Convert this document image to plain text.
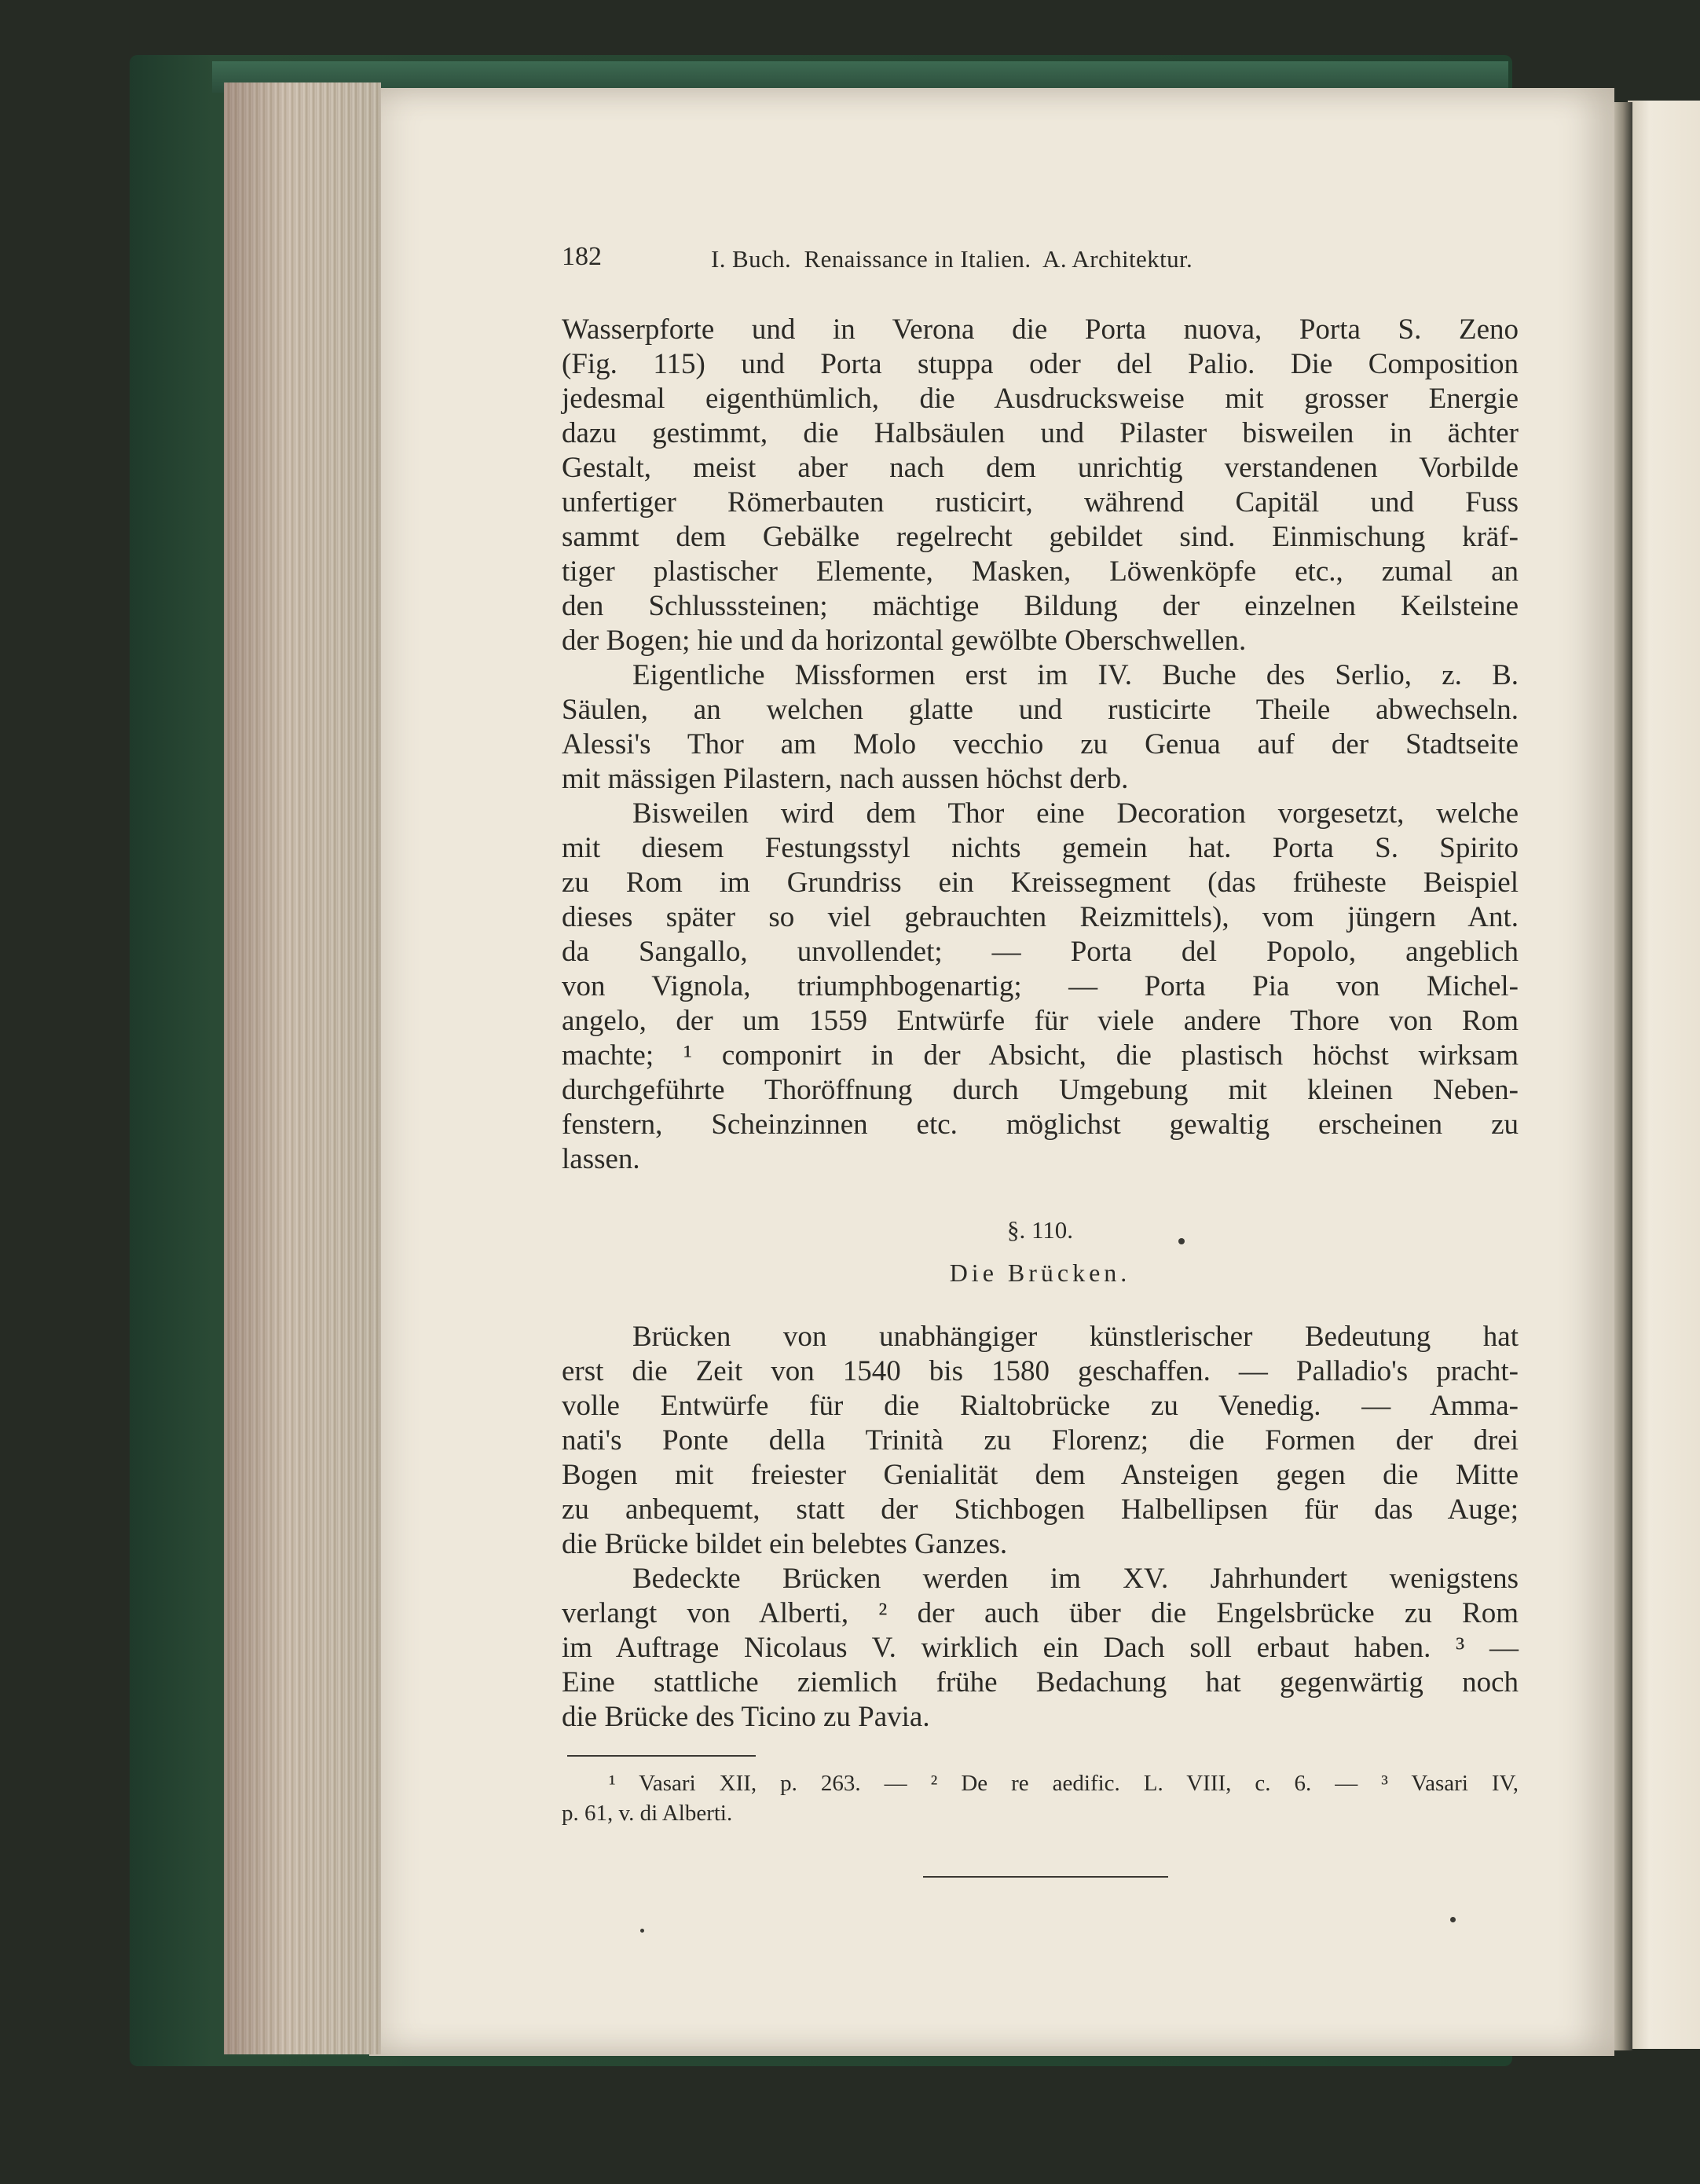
182	I. Buch.  Renaissance in Italien.  A. Architektur.
Wasserpforte und in Verona die Porta nuova, Porta S. Zeno
(Fig. 115) und Porta stuppa oder del Palio. Die Composition
jedesmal eigenthümlich, die Ausdrucksweise mit grosser Energie
dazu gestimmt, die Halbsäulen und Pilaster bisweilen in ächter
Gestalt, meist aber nach dem unrichtig verstandenen Vorbilde
unfertiger Römerbauten rusticirt, während Capitäl und Fuss
sammt dem Gebälke regelrecht gebildet sind. Einmischung kräf-
tiger plastischer Elemente, Masken, Löwenköpfe etc., zumal an
den Schlusssteinen; mächtige Bildung der einzelnen Keilsteine
der Bogen; hie und da horizontal gewölbte Oberschwellen.
Eigentliche Missformen erst im IV. Buche des Serlio, z. B.
Säulen, an welchen glatte und rusticirte Theile abwechseln.
Alessi's Thor am Molo vecchio zu Genua auf der Stadtseite
mit mässigen Pilastern, nach aussen höchst derb.
Bisweilen wird dem Thor eine Decoration vorgesetzt, welche
mit diesem Festungsstyl nichts gemein hat. Porta S. Spirito
zu Rom im Grundriss ein Kreissegment (das früheste Beispiel
dieses später so viel gebrauchten Reizmittels), vom jüngern Ant.
da Sangallo, unvollendet; — Porta del Popolo, angeblich
von Vignola, triumphbogenartig; — Porta Pia von Michel-
angelo, der um 1559 Entwürfe für viele andere Thore von Rom
machte; ¹ componirt in der Absicht, die plastisch höchst wirksam
durchgeführte Thoröffnung durch Umgebung mit kleinen Neben-
fenstern, Scheinzinnen etc. möglichst gewaltig erscheinen zu
lassen.
§. 110.
Die Brücken.
Brücken von unabhängiger künstlerischer Bedeutung hat
erst die Zeit von 1540 bis 1580 geschaffen. — Palladio's pracht-
volle Entwürfe für die Rialtobrücke zu Venedig. — Amma-
nati's Ponte della Trinità zu Florenz; die Formen der drei
Bogen mit freiester Genialität dem Ansteigen gegen die Mitte
zu anbequemt, statt der Stichbogen Halbellipsen für das Auge;
die Brücke bildet ein belebtes Ganzes.
Bedeckte Brücken werden im XV. Jahrhundert wenigstens
verlangt von Alberti, ² der auch über die Engelsbrücke zu Rom
im Auftrage Nicolaus V. wirklich ein Dach soll erbaut haben. ³ —
Eine stattliche ziemlich frühe Bedachung hat gegenwärtig noch
die Brücke des Ticino zu Pavia.
¹ Vasari XII, p. 263. — ² De re aedific. L. VIII, c. 6. — ³ Vasari IV,
p. 61, v. di Alberti.
